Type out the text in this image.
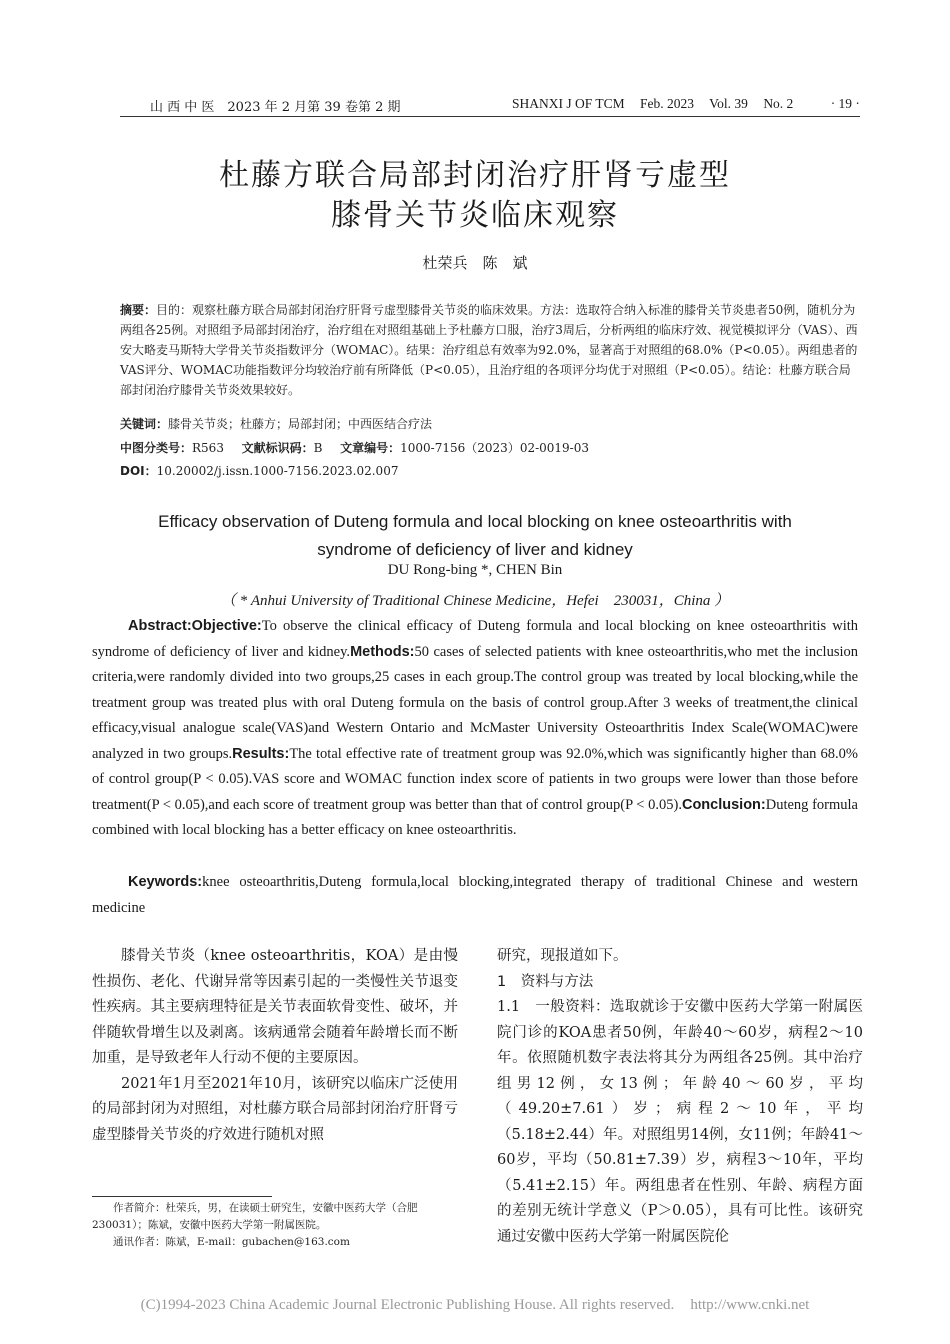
山 西 中 医　2023 年 2 月第 39 卷第 2 期	SHANXI J OF TCM Feb. 2023 Vol. 39 No. 2	· 19 ·
杜藤方联合局部封闭治疗肝肾亏虚型
膝骨关节炎临床观察
杜荣兵　陈　斌
摘要：目的：观察杜藤方联合局部封闭治疗肝肾亏虚型膝骨关节炎的临床效果。方法：选取符合纳入标准的膝骨关节炎患者50例，随机分为两组各25例。对照组予局部封闭治疗，治疗组在对照组基础上予杜藤方口服，治疗3周后，分析两组的临床疗效、视觉模拟评分（VAS）、西安大略麦马斯特大学骨关节炎指数评分（WOMAC）。结果：治疗组总有效率为92.0%，显著高于对照组的68.0%（P<0.05）。两组患者的VAS评分、WOMAC功能指数评分均较治疗前有所降低（P<0.05），且治疗组的各项评分均优于对照组（P<0.05）。结论：杜藤方联合局部封闭治疗膝骨关节炎效果较好。
关键词：膝骨关节炎；杜藤方；局部封闭；中西医结合疗法
中图分类号：R563 文献标识码：B 文章编号：1000-7156（2023）02-0019-03
DOI：10.20002/j.issn.1000-7156.2023.02.007
Efficacy observation of Duteng formula and local blocking on knee osteoarthritis with
syndrome of deficiency of liver and kidney
DU Rong-bing *, CHEN Bin
（ * Anhui University of Traditional Chinese Medicine，Hefei　230031，China ）
Abstract:Objective:To observe the clinical efficacy of Duteng formula and local blocking on knee osteoarthritis with syndrome of deficiency of liver and kidney.Methods:50 cases of selected patients with knee osteoarthritis,who met the inclusion criteria,were randomly divided into two groups,25 cases in each group.The control group was treated by local blocking,while the treatment group was treated plus with oral Duteng formula on the basis of control group.After 3 weeks of treatment,the clinical efficacy,visual analogue scale(VAS)and Western Ontario and McMaster University Osteoarthritis Index Scale(WOMAC)were analyzed in two groups.Results:The total effective rate of treatment group was 92.0%,which was significantly higher than 68.0% of control group(P < 0.05).VAS score and WOMAC function index score of patients in two groups were lower than those before treatment(P < 0.05),and each score of treatment group was better than that of control group(P < 0.05).Conclusion:Duteng formula combined with local blocking has a better efficacy on knee osteoarthritis.
Keywords:knee osteoarthritis,Duteng formula,local blocking,integrated therapy of traditional Chinese and western medicine

膝骨关节炎（knee osteoarthritis，KOA）是由慢性损伤、老化、代谢异常等因素引起的一类慢性关节退变性疾病。其主要病理特征是关节表面软骨变性、破坏，并伴随软骨增生以及剥离。该病通常会随着年龄增长而不断加重，是导致老年人行动不便的主要原因。

2021年1月至2021年10月，该研究以临床广泛使用的局部封闭为对照组，对杜藤方联合局部封闭治疗肝肾亏虚型膝骨关节炎的疗效进行随机对照

研究，现报道如下。

1　资料与方法

1.1　一般资料：选取就诊于安徽中医药大学第一附属医院门诊的KOA患者50例，年龄40～60岁，病程2～10年。依照随机数字表法将其分为两组各25例。其中治疗组男12例，女13例；年龄40～60岁，平均（49.20±7.61）岁；病程2～10年，平均（5.18±2.44）年。对照组男14例，女11例；年龄41～60岁，平均（50.81±7.39）岁，病程3～10年，平均（5.41±2.15）年。两组患者在性别、年龄、病程方面的差别无统计学意义（P＞0.05），具有可比性。该研究通过安徽中医药大学第一附属医院伦

作者简介：杜荣兵，男，在读硕士研究生，安徽中医药大学（合肥230031）；陈斌，安徽中医药大学第一附属医院。

通讯作者：陈斌，E-mail：gubachen@163.com

(C)1994-2023 China Academic Journal Electronic Publishing House. All rights reserved. http://www.cnki.net
